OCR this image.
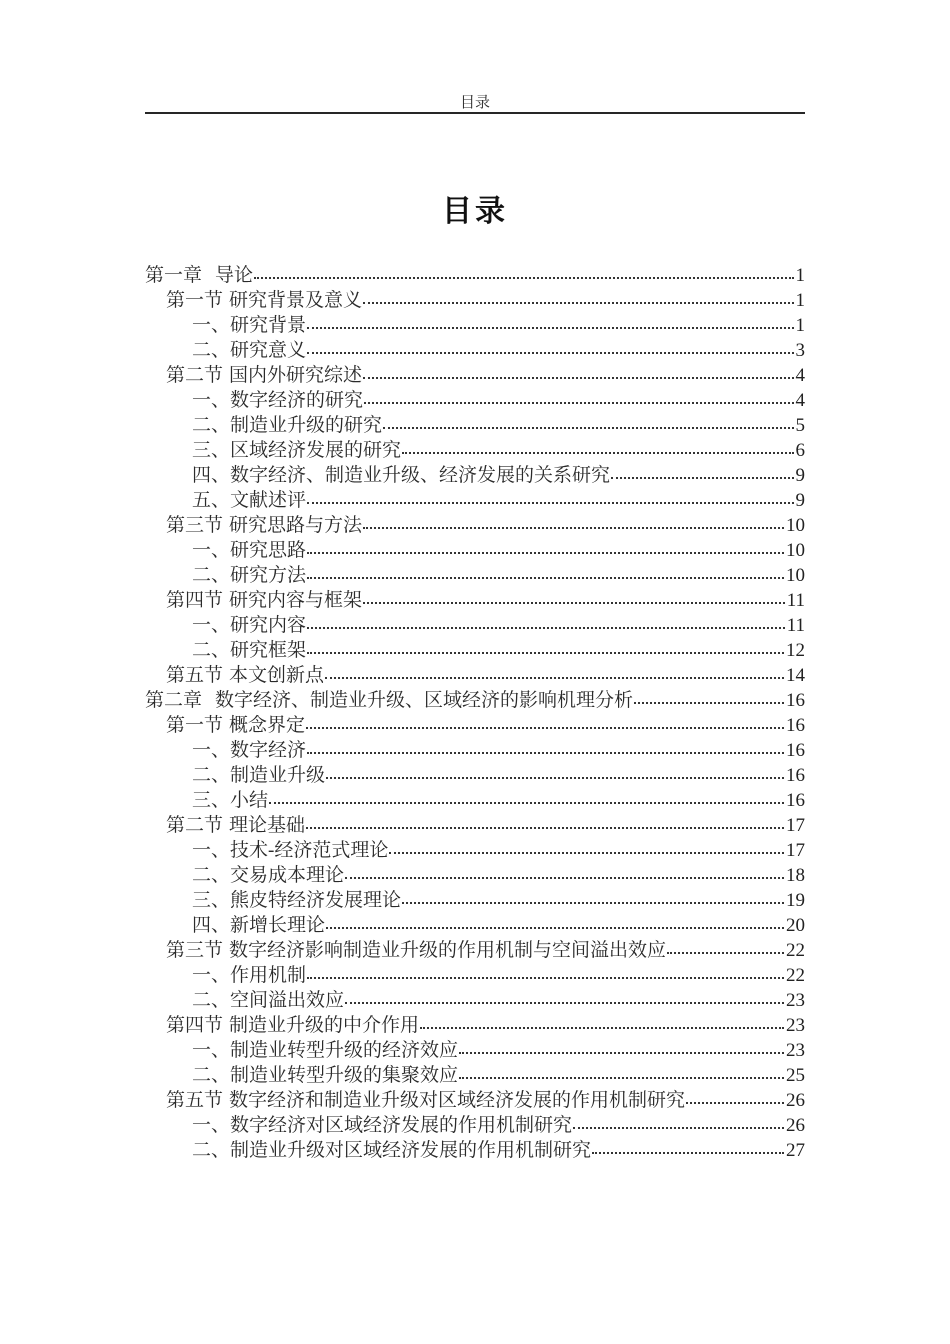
目录
目录
第一章 导论	1
第一节 研究背景及意义	1
一、 研究背景	1
二、 研究意义	3
第二节 国内外研究综述	4
一、 数字经济的研究	4
二、 制造业升级的研究	5
三、 区域经济发展的研究	6
四、 数字经济、制造业升级、经济发展的关系研究	9
五、 文献述评	9
第三节 研究思路与方法	10
一、 研究思路	10
二、 研究方法	10
第四节 研究内容与框架	11
一、 研究内容	11
二、 研究框架	12
第五节 本文创新点	14
第二章 数字经济、制造业升级、区域经济的影响机理分析	16
第一节 概念界定	16
一、 数字经济	16
二、 制造业升级	16
三、 小结	16
第二节 理论基础	17
一、 技术-经济范式理论	17
二、 交易成本理论	18
三、 熊皮特经济发展理论	19
四、 新增长理论	20
第三节 数字经济影响制造业升级的作用机制与空间溢出效应	22
一、 作用机制	22
二、 空间溢出效应	23
第四节 制造业升级的中介作用	23
一、 制造业转型升级的经济效应	23
二、 制造业转型升级的集聚效应	25
第五节 数字经济和制造业升级对区域经济发展的作用机制研究	26
一、 数字经济对区域经济发展的作用机制研究	26
二、 制造业升级对区域经济发展的作用机制研究	27
